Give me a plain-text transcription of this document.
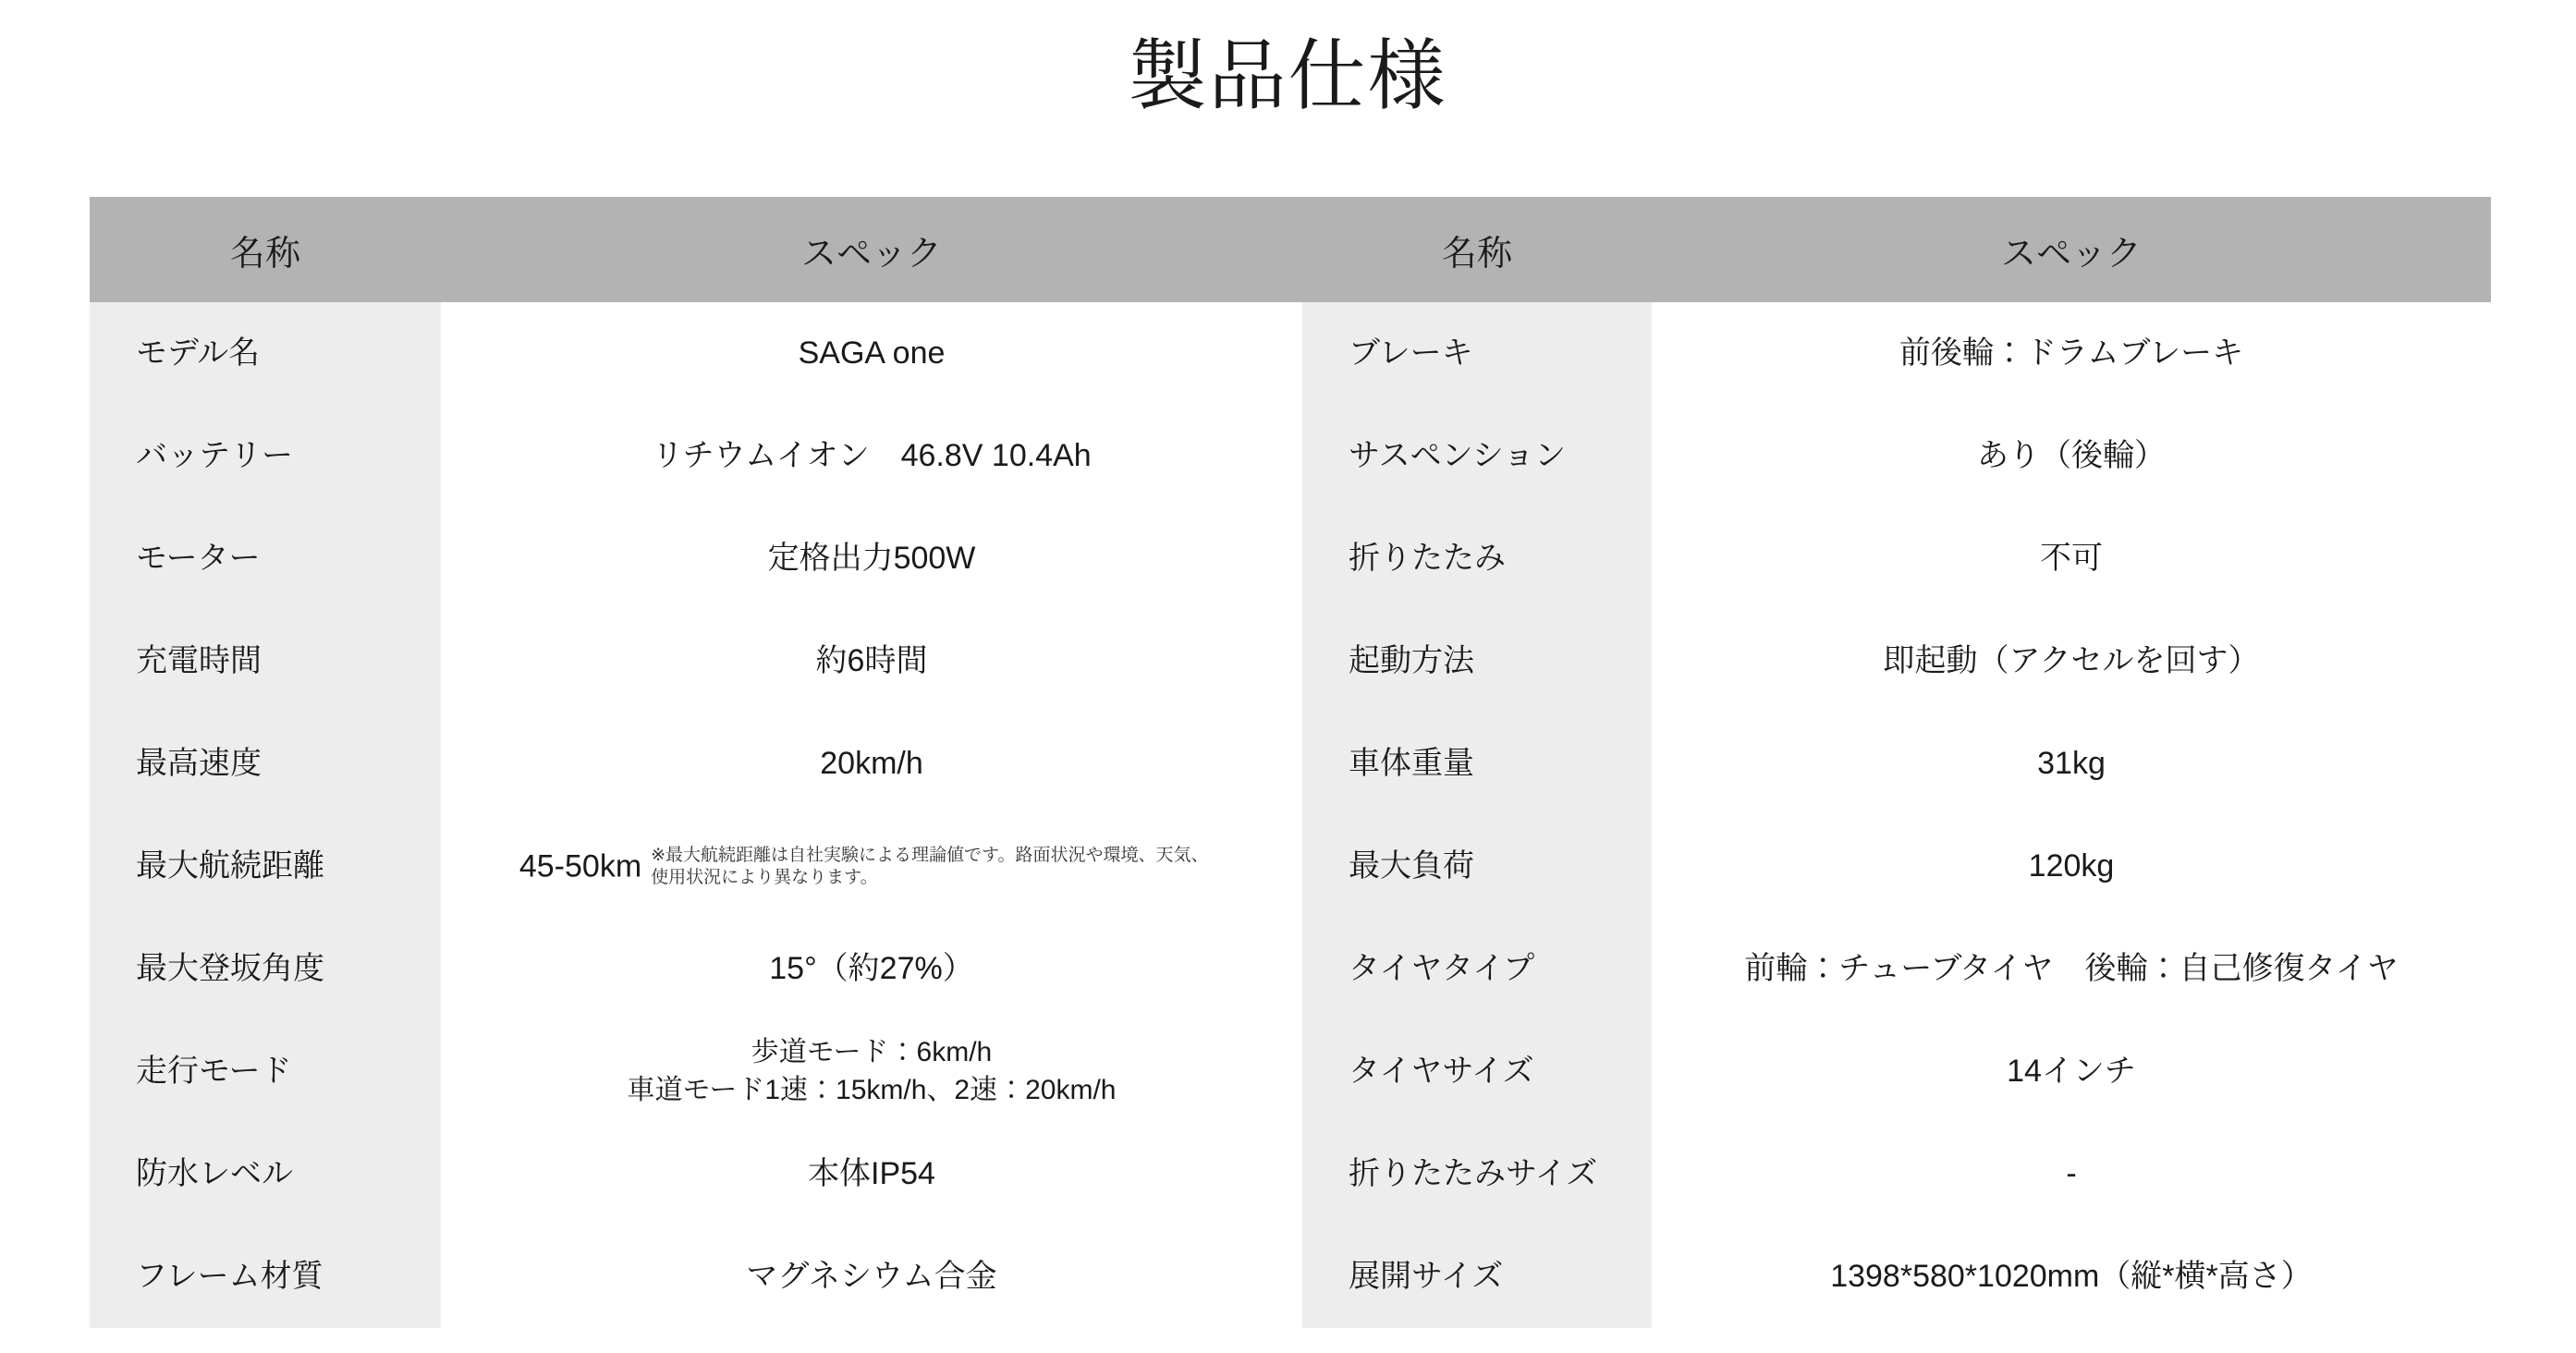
製品仕様
名称	スペック
モデル名	SAGA one
バッテリー	リチウムイオン　46.8V 10.4Ah
モーター	定格出力500W
充電時間	約6時間
最高速度	20km/h
最大航続距離	45-50km ※最大航続距離は自社実験による理論値です。路面状況や環境、天気、使用状況により異なります。
最大登坂角度	15°（約27%）
走行モード	歩道モード：6km/h
車道モード1速：15km/h、2速：20km/h

防水レベル	本体IP54
フレーム材質	マグネシウム合金
名称	スペック
ブレーキ	前後輪：ドラムブレーキ
サスペンション	あり（後輪）
折りたたみ	不可
起動方法	即起動（アクセルを回す）
車体重量	31kg
最大負荷	120kg
タイヤタイプ	前輪：チューブタイヤ　後輪：自己修復タイヤ
タイヤサイズ	14インチ
折りたたみサイズ	-
展開サイズ	1398*580*1020mm（縦*横*高さ）
